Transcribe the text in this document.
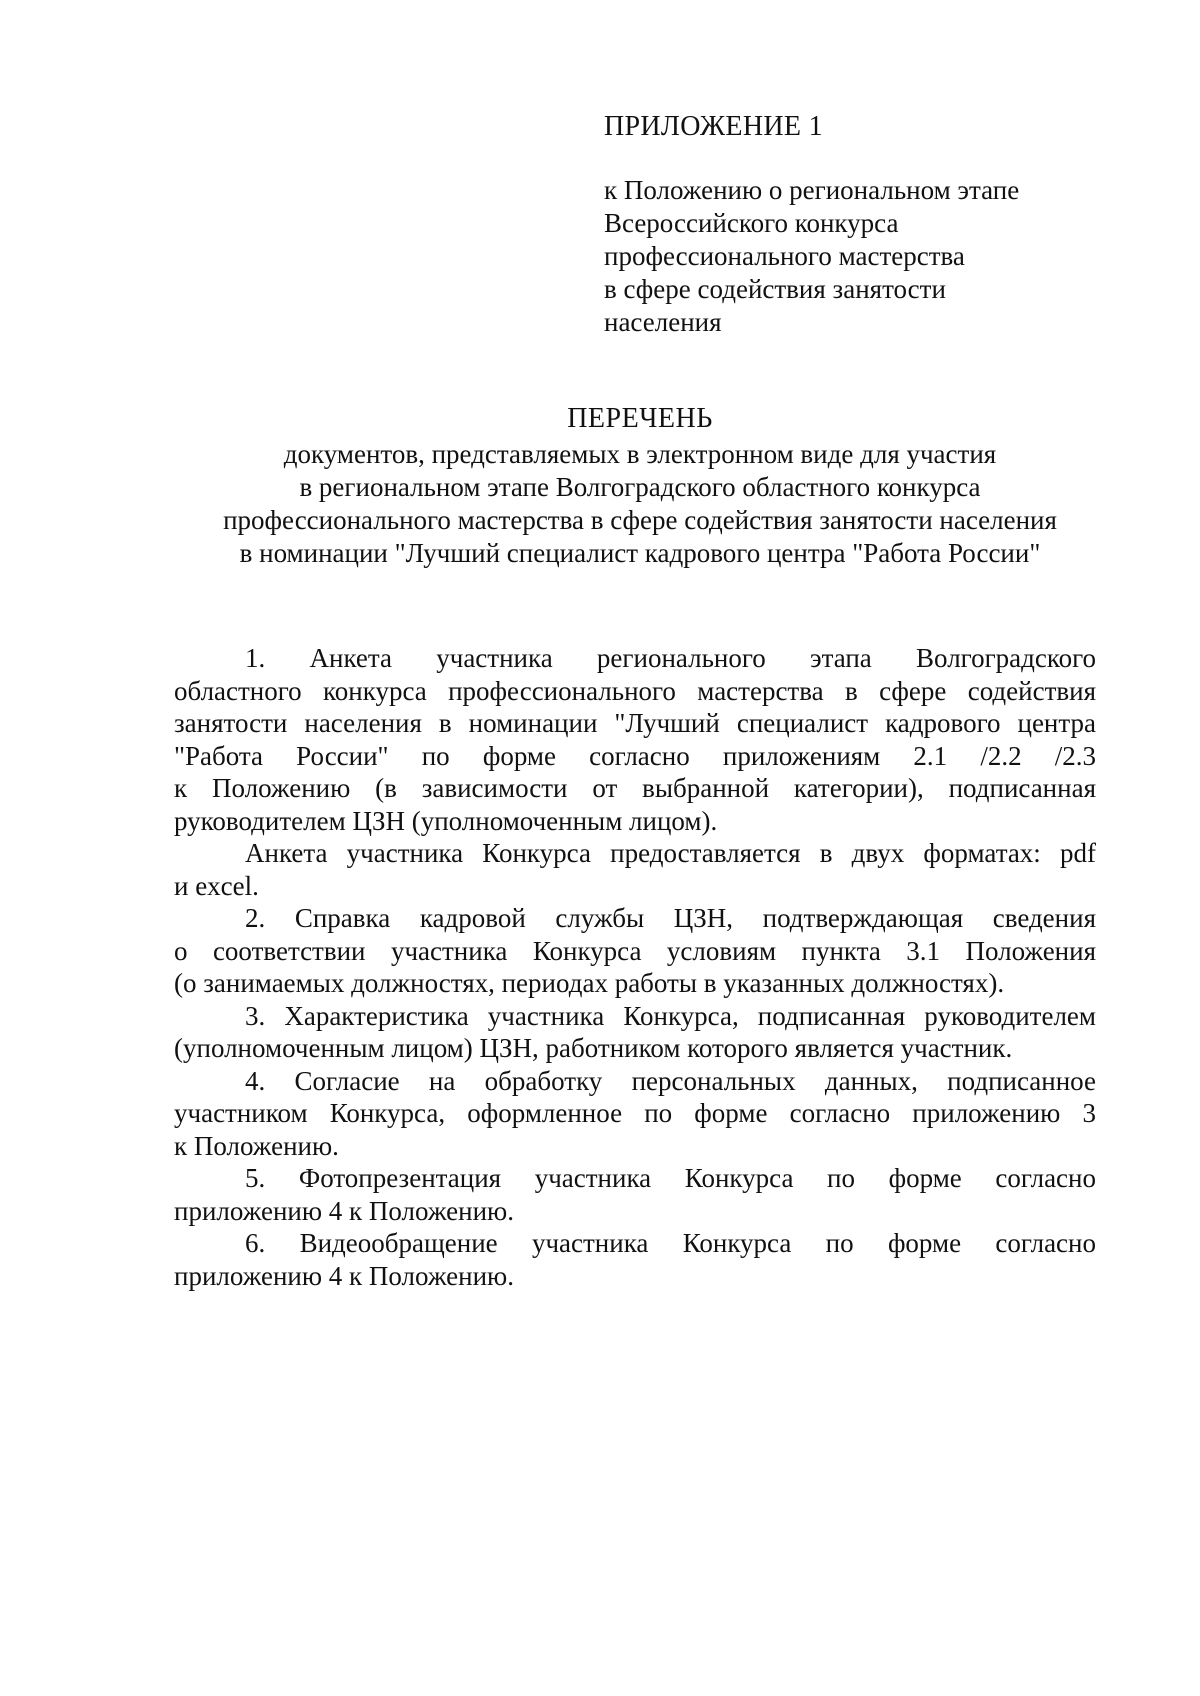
ПРИЛОЖЕНИЕ 1

к Положению о региональном этапе
Всероссийского конкурса
профессионального мастерства
в сфере содействия занятости
населения

ПЕРЕЧЕНЬ

документов, представляемых в электронном виде для участия
в региональном этапе Волгоградского областного конкурса
профессионального мастерства в сфере содействия занятости населения
в номинации "Лучший специалист кадрового центра "Работа России"

1. Анкета участника регионального этапа Волгоградского
областного конкурса профессионального мастерства в сфере содействия
занятости населения в номинации "Лучший специалист кадрового центра
"Работа России" по форме согласно приложениям 2.1 /2.2 /2.3
к Положению (в зависимости от выбранной категории), подписанная
руководителем ЦЗН (уполномоченным лицом).

Анкета участника Конкурса предоставляется в двух форматах: pdf
и excel.

2. Справка кадровой службы ЦЗН, подтверждающая сведения
о соответствии участника Конкурса условиям пункта 3.1 Положения
(о занимаемых должностях, периодах работы в указанных должностях).

3. Характеристика участника Конкурса, подписанная руководителем
(уполномоченным лицом) ЦЗН, работником которого является участник.

4. Согласие на обработку персональных данных, подписанное
участником Конкурса, оформленное по форме согласно приложению 3
к Положению.

5. Фотопрезентация участника Конкурса по форме согласно
приложению 4 к Положению.

6. Видеообращение участника Конкурса по форме согласно
приложению 4 к Положению.
